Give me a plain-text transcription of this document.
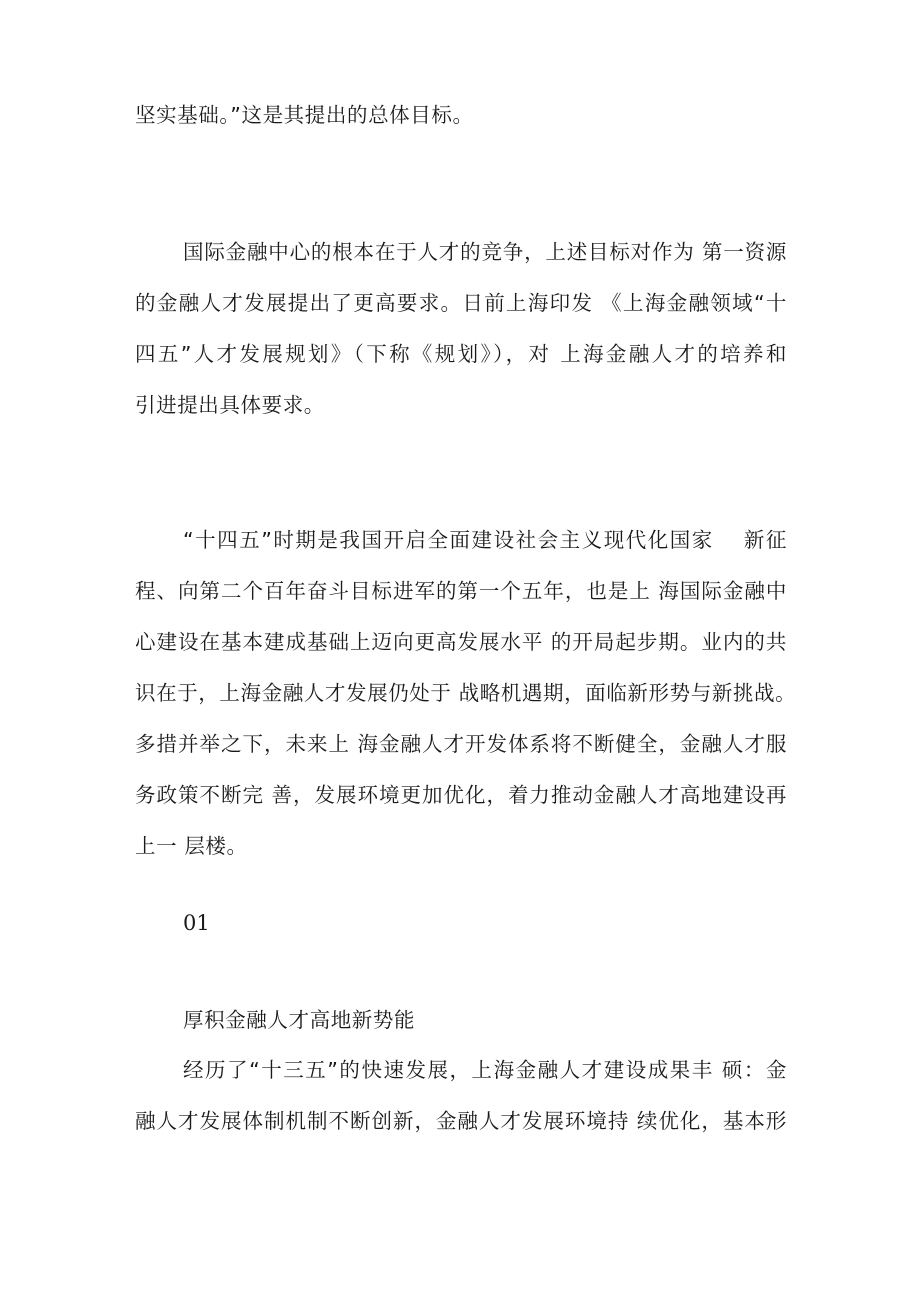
坚实基础。”这是其提出的总体目标。
国际金融中心的根本在于人才的竞争，上述目标对作为 第一资源
的金融人才发展提出了更高要求。日前上海印发 《上海金融领域“十
四五”人才发展规划》（下称《规划》），对 上海金融人才的培养和
引进提出具体要求。
“十四五”时期是我国开启全面建设社会主义现代化国家　 新征
程、向第二个百年奋斗目标进军的第一个五年，也是上 海国际金融中
心建设在基本建成基础上迈向更高发展水平 的开局起步期。业内的共
识在于，上海金融人才发展仍处于 战略机遇期，面临新形势与新挑战。
多措并举之下，未来上 海金融人才开发体系将不断健全，金融人才服
务政策不断完 善，发展环境更加优化，着力推动金融人才高地建设再
上一 层楼。
01
厚积金融人才高地新势能
经历了“十三五”的快速发展，上海金融人才建设成果丰 硕：金
融人才发展体制机制不断创新，金融人才发展环境持 续优化，基本形
